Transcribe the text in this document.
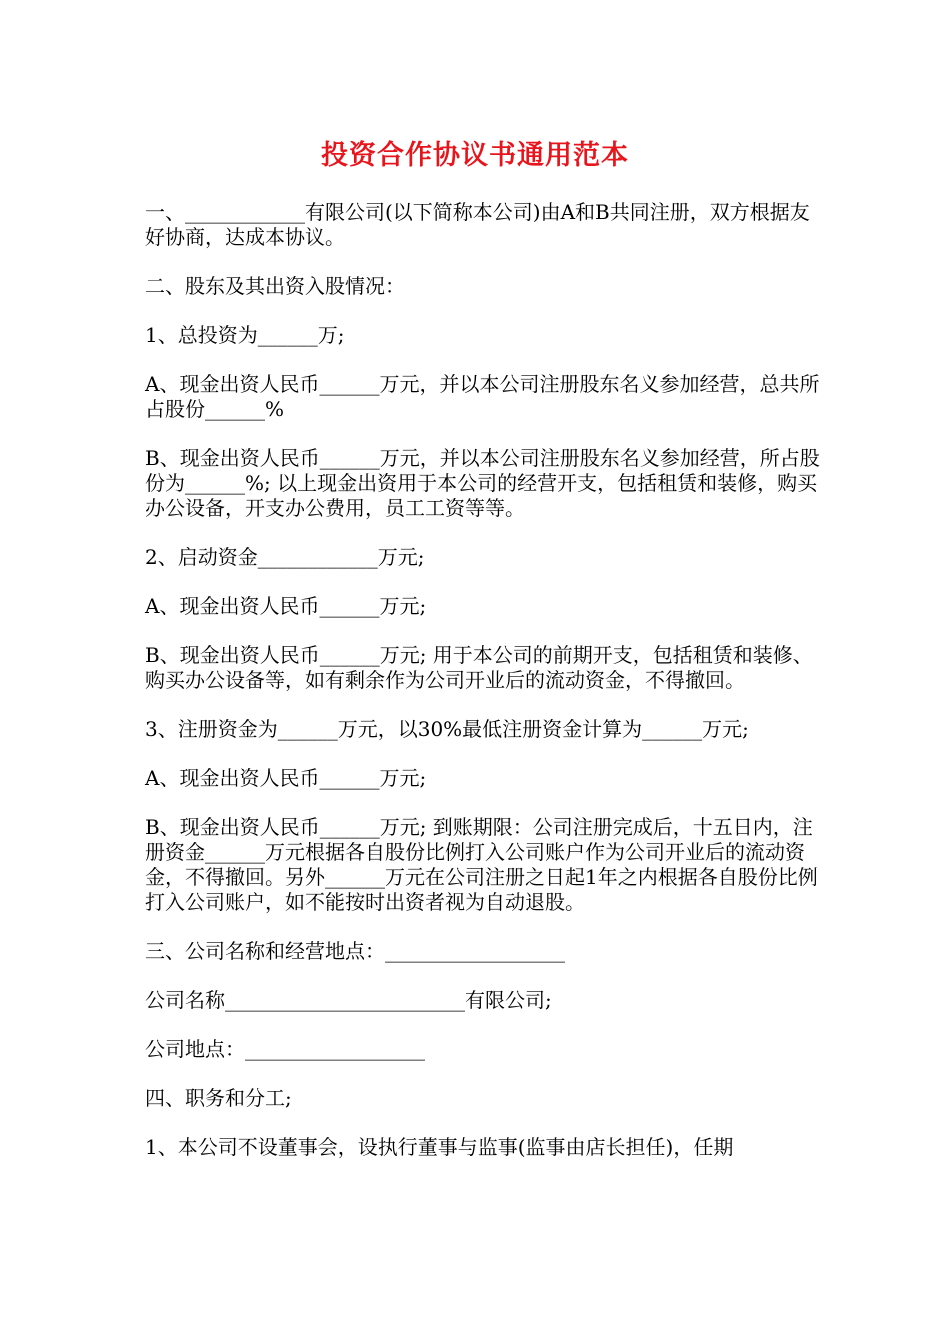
投资合作协议书通用范本

一、____________有限公司(以下简称本公司)由A和B共同注册，双方根据友好协商，达成本协议。

二、股东及其出资入股情况：

1、总投资为______万;

A、现金出资人民币______万元，并以本公司注册股东名义参加经营，总共所占股份______%

B、现金出资人民币______万元，并以本公司注册股东名义参加经营，所占股份为______%; 以上现金出资用于本公司的经营开支，包括租赁和装修，购买办公设备，开支办公费用，员工工资等等。

2、启动资金____________万元;

A、现金出资人民币______万元;

B、现金出资人民币______万元; 用于本公司的前期开支，包括租赁和装修、购买办公设备等，如有剩余作为公司开业后的流动资金，不得撤回。

3、注册资金为______万元，以30%最低注册资金计算为______万元;

A、现金出资人民币______万元;

B、现金出资人民币______万元; 到账期限：公司注册完成后，十五日内，注册资金______万元根据各自股份比例打入公司账户作为公司开业后的流动资金，不得撤回。另外______万元在公司注册之日起1年之内根据各自股份比例打入公司账户，如不能按时出资者视为自动退股。

三、公司名称和经营地点：__________________

公司名称________________________有限公司;

公司地点：__________________

四、职务和分工;

1、本公司不设董事会，设执行董事与监事(监事由店长担任)，任期
